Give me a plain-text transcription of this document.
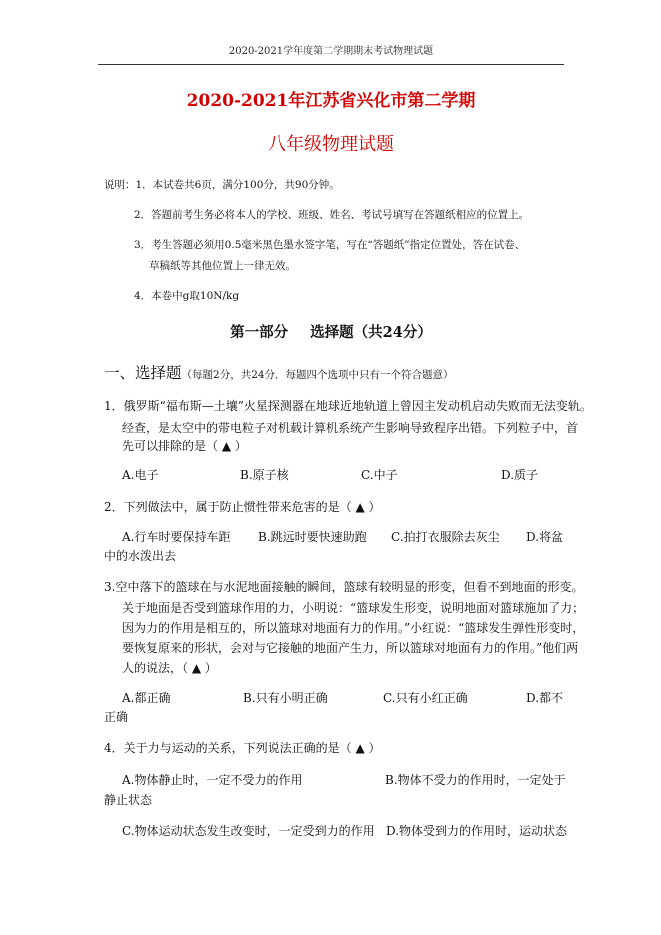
2020-2021学年度第二学期期末考试物理试题
2020-2021年江苏省兴化市第二学期
八年级物理试题
说明：1．本试卷共6页，满分100分，共90分钟。
2．答题前考生务必将本人的学校、班级、姓名、考试号填写在答题纸相应的位置上。
3．考生答题必须用0.5毫米黑色墨水签字笔，写在“答题纸”指定位置处，答在试卷、
草稿纸等其他位置上一律无效。
4．本卷中g取10N/kg
第一部分 选择题（共24分）
一、选择题（每题2分，共24分．每题四个选项中只有一个符合题意）
1．俄罗斯“福布斯—土壤”火星探测器在地球近地轨道上曾因主发动机启动失败而无法变轨。
经查，是太空中的带电粒子对机载计算机系统产生影响导致程序出错。下列粒子中，首
先可以排除的是（ ▲ ）
A.电子	B.原子核	C.中子	D.质子
2．下列做法中，属于防止惯性带来危害的是（ ▲ ）
A.行车时要保持车距 B.跳远时要快速助跑 C.拍打衣服除去灰尘 D.将盆
中的水泼出去
3.空中落下的篮球在与水泥地面接触的瞬间，篮球有较明显的形变，但看不到地面的形变。
关于地面是否受到篮球作用的力，小明说：“篮球发生形变，说明地面对篮球施加了力；
因为力的作用是相互的，所以篮球对地面有力的作用。”小红说：“篮球发生弹性形变时，
要恢复原来的形状，会对与它接触的地面产生力，所以篮球对地面有力的作用。”他们两
人的说法，（ ▲ ）
A.都正确	B.只有小明正确	C.只有小红正确	D.都不
正确
4．关于力与运动的关系，下列说法正确的是（ ▲ ）
A.物体静止时，一定不受力的作用	B.物体不受力的作用时，一定处于
静止状态
C.物体运动状态发生改变时，一定受到力的作用 D.物体受到力的作用时，运动状态
